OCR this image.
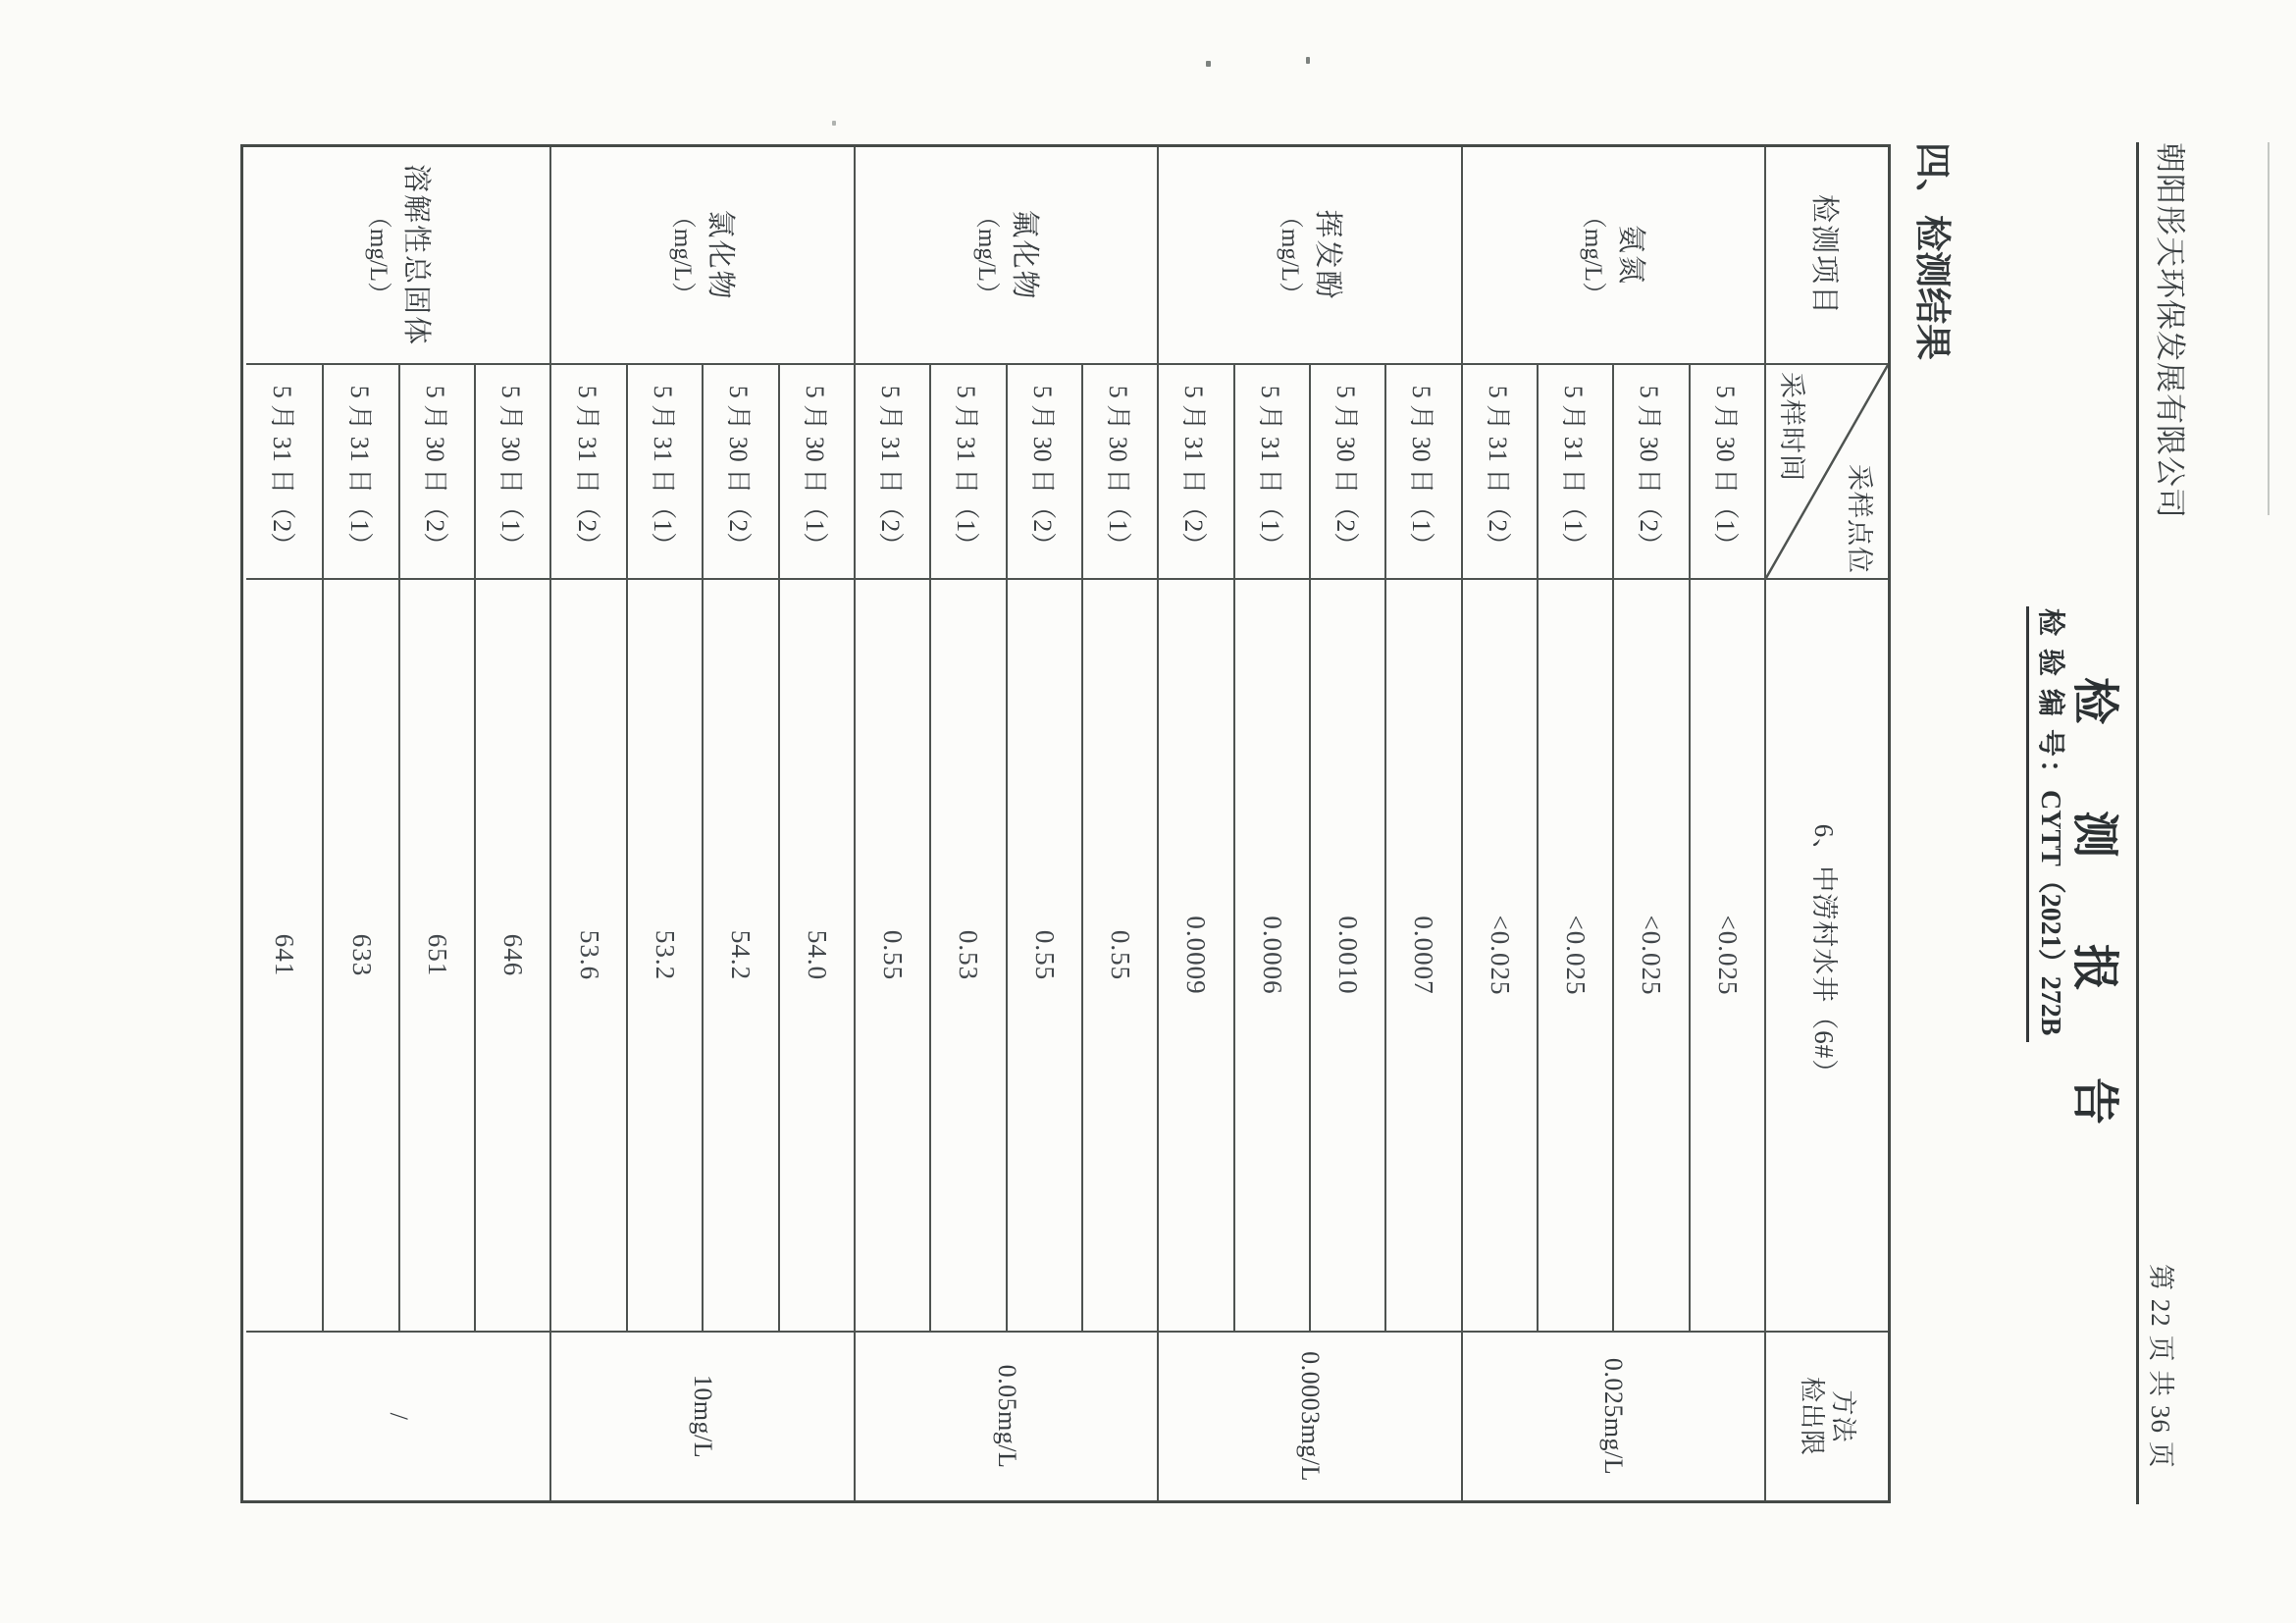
朝阳彤天环保发展有限公司
第 22 页 共 36 页
检 测 报 告
检 验 编 号：CYTT（2021）272B
四、检测结果
检测项目
采样点位
采样时间
6、中涝村水井（6#）
方法
检出限
氨氮
（mg/L）
5 月 30 日（1）
<0.025
0.025mg/L
5 月 30 日（2）
<0.025
5 月 31 日（1）
<0.025
5 月 31 日（2）
<0.025
挥发酚
（mg/L）
5 月 30 日（1）
0.0007
0.0003mg/L
5 月 30 日（2）
0.0010
5 月 31 日（1）
0.0006
5 月 31 日（2）
0.0009
氟化物
（mg/L）
5 月 30 日（1）
0.55
0.05mg/L
5 月 30 日（2）
0.55
5 月 31 日（1）
0.53
5 月 31 日（2）
0.55
氯化物
（mg/L）
5 月 30 日（1）
54.0
10mg/L
5 月 30 日（2）
54.2
5 月 31 日（1）
53.2
5 月 31 日（2）
53.6
溶解性总固体
（mg/L）
5 月 30 日（1）
646
/
5 月 30 日（2）
651
5 月 31 日（1）
633
5 月 31 日（2）
641
